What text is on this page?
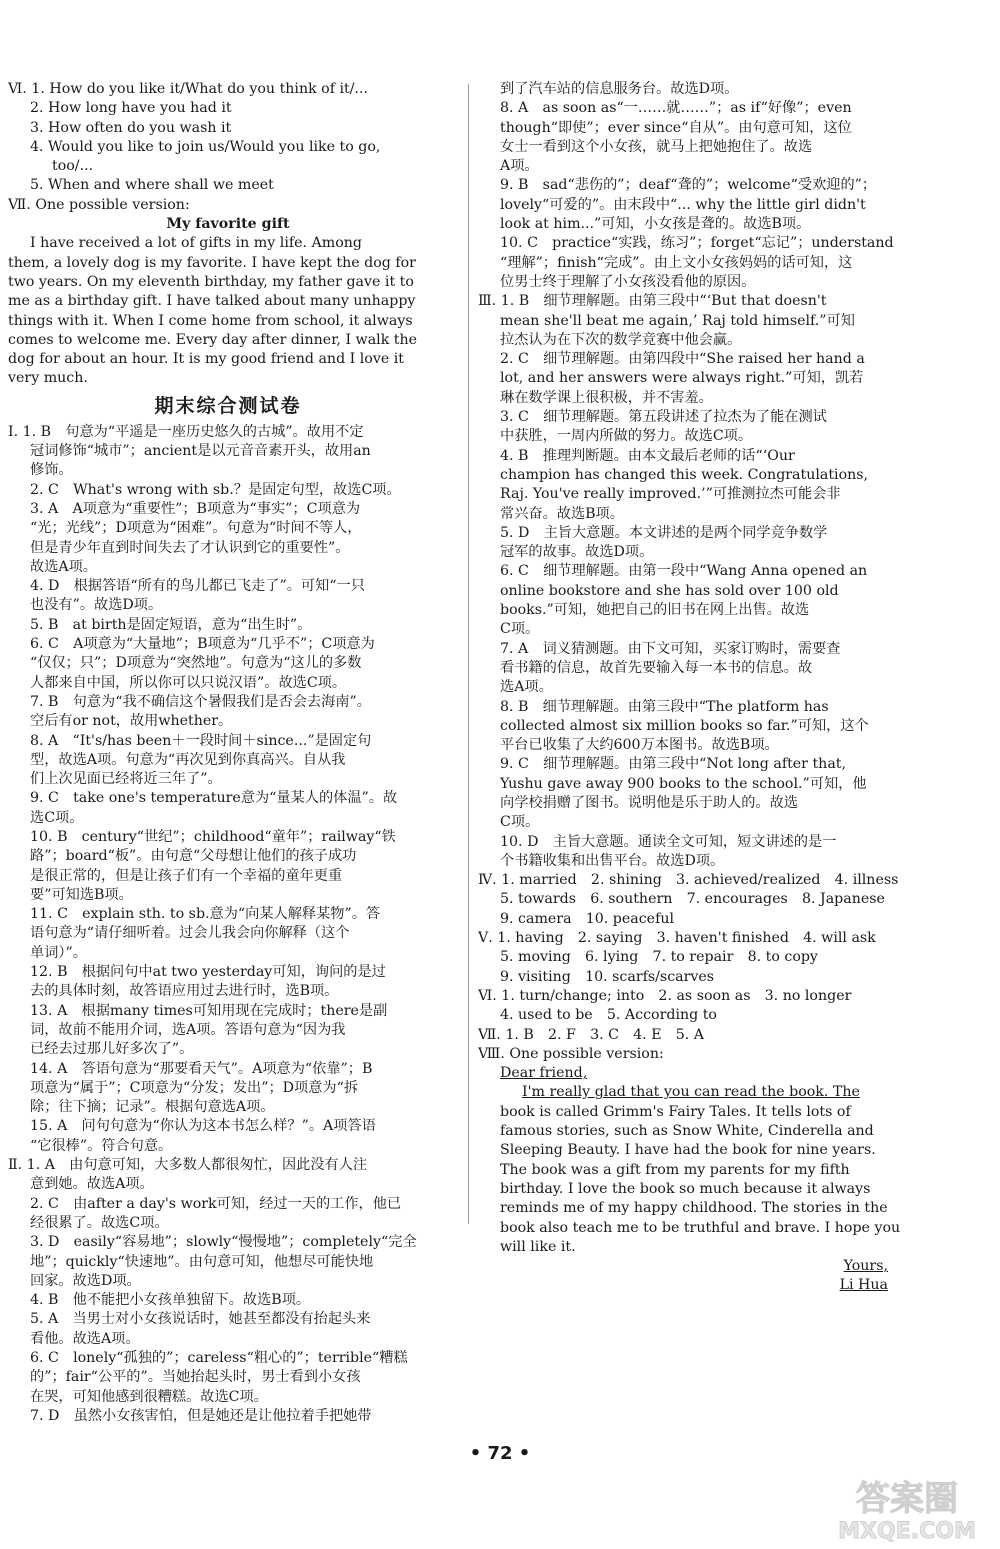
Ⅵ. 1. How do you like it/What do you think of it/...
2. How long have you had it
3. How often do you wash it
4. Would you like to join us/Would you like to go,
too/...
5. When and where shall we meet
Ⅶ. One possible version:
My favorite gift
I have received a lot of gifts in my life. Among
them, a lovely dog is my favorite. I have kept the dog for
two years. On my eleventh birthday, my father gave it to
me as a birthday gift. I have talked about many unhappy
things with it. When I come home from school, it always
comes to welcome me. Every day after dinner, I walk the
dog for about an hour. It is my good friend and I love it
very much.
期末综合测试卷
Ⅰ. 1. B　句意为“平遥是一座历史悠久的古城”。故用不定
冠词修饰“城市”；ancient是以元音音素开头，故用an
修饰。
2. C　What's wrong with sb.？是固定句型，故选C项。
3. A　A项意为“重要性”；B项意为“事实”；C项意为
“光；光线”；D项意为“困难”。句意为“时间不等人，
但是青少年直到时间失去了才认识到它的重要性”。
故选A项。
4. D　根据答语“所有的鸟儿都已飞走了”。可知“一只
也没有”。故选D项。
5. B　at birth是固定短语，意为“出生时”。
6. C　A项意为“大量地”；B项意为“几乎不”；C项意为
“仅仅；只”；D项意为“突然地”。句意为“这儿的多数
人都来自中国，所以你可以只说汉语”。故选C项。
7. B　句意为“我不确信这个暑假我们是否会去海南”。
空后有or not，故用whether。
8. A　“It's/has been＋一段时间＋since...”是固定句
型，故选A项。句意为“再次见到你真高兴。自从我
们上次见面已经将近三年了”。
9. C　take one's temperature意为“量某人的体温”。故
选C项。
10. B　century“世纪”；childhood“童年”；railway“铁
路”；board“板”。由句意“父母想让他们的孩子成功
是很正常的，但是让孩子们有一个幸福的童年更重
要”可知选B项。
11. C　explain sth. to sb.意为“向某人解释某物”。答
语句意为“请仔细听着。过会儿我会向你解释（这个
单词）”。
12. B　根据问句中at two yesterday可知，询问的是过
去的具体时刻，故答语应用过去进行时，选B项。
13. A　根据many times可知用现在完成时；there是副
词，故前不能用介词，选A项。答语句意为“因为我
已经去过那儿好多次了”。
14. A　答语句意为“那要看天气”。A项意为“依靠”；B
项意为“属于”；C项意为“分发；发出”；D项意为“拆
除；往下摘；记录”。根据句意选A项。
15. A　问句句意为“你认为这本书怎么样？”。A项答语
“它很棒”。符合句意。
Ⅱ. 1. A　由句意可知，大多数人都很匆忙，因此没有人注
意到她。故选A项。
2. C　由after a day's work可知，经过一天的工作，他已
经很累了。故选C项。
3. D　easily“容易地”；slowly“慢慢地”；completely“完全
地”；quickly“快速地”。由句意可知，他想尽可能快地
回家。故选D项。
4. B　他不能把小女孩单独留下。故选B项。
5. A　当男士对小女孩说话时，她甚至都没有抬起头来
看他。故选A项。
6. C　lonely“孤独的”；careless“粗心的”；terrible“糟糕
的”；fair“公平的”。当她抬起头时，男士看到小女孩
在哭，可知他感到很糟糕。故选C项。
7. D　虽然小女孩害怕，但是她还是让他拉着手把她带
到了汽车站的信息服务台。故选D项。
8. A　as soon as“一……就……”；as if“好像”；even
though“即使”；ever since“自从”。由句意可知，这位
女士一看到这个小女孩，就马上把她抱住了。故选
A项。
9. B　sad“悲伤的”；deaf“聋的”；welcome“受欢迎的”；
lovely“可爱的”。由末段中“... why the little girl didn't
look at him...”可知，小女孩是聋的。故选B项。
10. C　practice“实践，练习”；forget“忘记”；understand
“理解”；finish“完成”。由上文小女孩妈妈的话可知，这
位男士终于理解了小女孩没看他的原因。
Ⅲ. 1. B　细节理解题。由第三段中“‘But that doesn't
mean she'll beat me again,’ Raj told himself.”可知
拉杰认为在下次的数学竞赛中他会赢。
2. C　细节理解题。由第四段中“She raised her hand a
lot, and her answers were always right.”可知，凯若
琳在数学课上很积极，并不害羞。
3. C　细节理解题。第五段讲述了拉杰为了能在测试
中获胜，一周内所做的努力。故选C项。
4. B　推理判断题。由本文最后老师的话“‘Our
champion has changed this week. Congratulations,
Raj. You've really improved.’”可推测拉杰可能会非
常兴奋。故选B项。
5. D　主旨大意题。本文讲述的是两个同学竞争数学
冠军的故事。故选D项。
6. C　细节理解题。由第一段中“Wang Anna opened an
online bookstore and she has sold over 100 old
books.”可知，她把自己的旧书在网上出售。故选
C项。
7. A　词义猜测题。由下文可知，买家订购时，需要查
看书籍的信息，故首先要输入每一本书的信息。故
选A项。
8. B　细节理解题。由第三段中“The platform has
collected almost six million books so far.”可知，这个
平台已收集了大约600万本图书。故选B项。
9. C　细节理解题。由第三段中“Not long after that,
Yushu gave away 900 books to the school.”可知，他
向学校捐赠了图书。说明他是乐于助人的。故选
C项。
10. D　主旨大意题。通读全文可知，短文讲述的是一
个书籍收集和出售平台。故选D项。
Ⅳ. 1. married　2. shining　3. achieved/realized　4. illness
5. towards　6. southern　7. encourages　8. Japanese
9. camera　10. peaceful
Ⅴ. 1. having　2. saying　3. haven't finished　4. will ask
5. moving　6. lying　7. to repair　8. to copy
9. visiting　10. scarfs/scarves
Ⅵ. 1. turn/change; into　2. as soon as　3. no longer
4. used to be　5. According to
Ⅶ. 1. B　2. F　3. C　4. E　5. A
Ⅷ. One possible version:
Dear friend,
I'm really glad that you can read the book. The
book is called Grimm's Fairy Tales. It tells lots of
famous stories, such as Snow White, Cinderella and
Sleeping Beauty. I have had the book for nine years.
The book was a gift from my parents for my fifth
birthday. I love the book so much because it always
reminds me of my happy childhood. The stories in the
book also teach me to be truthful and brave. I hope you
will like it.
Yours,
Li Hua
• 72 •
答案圈
MXQE.COM
